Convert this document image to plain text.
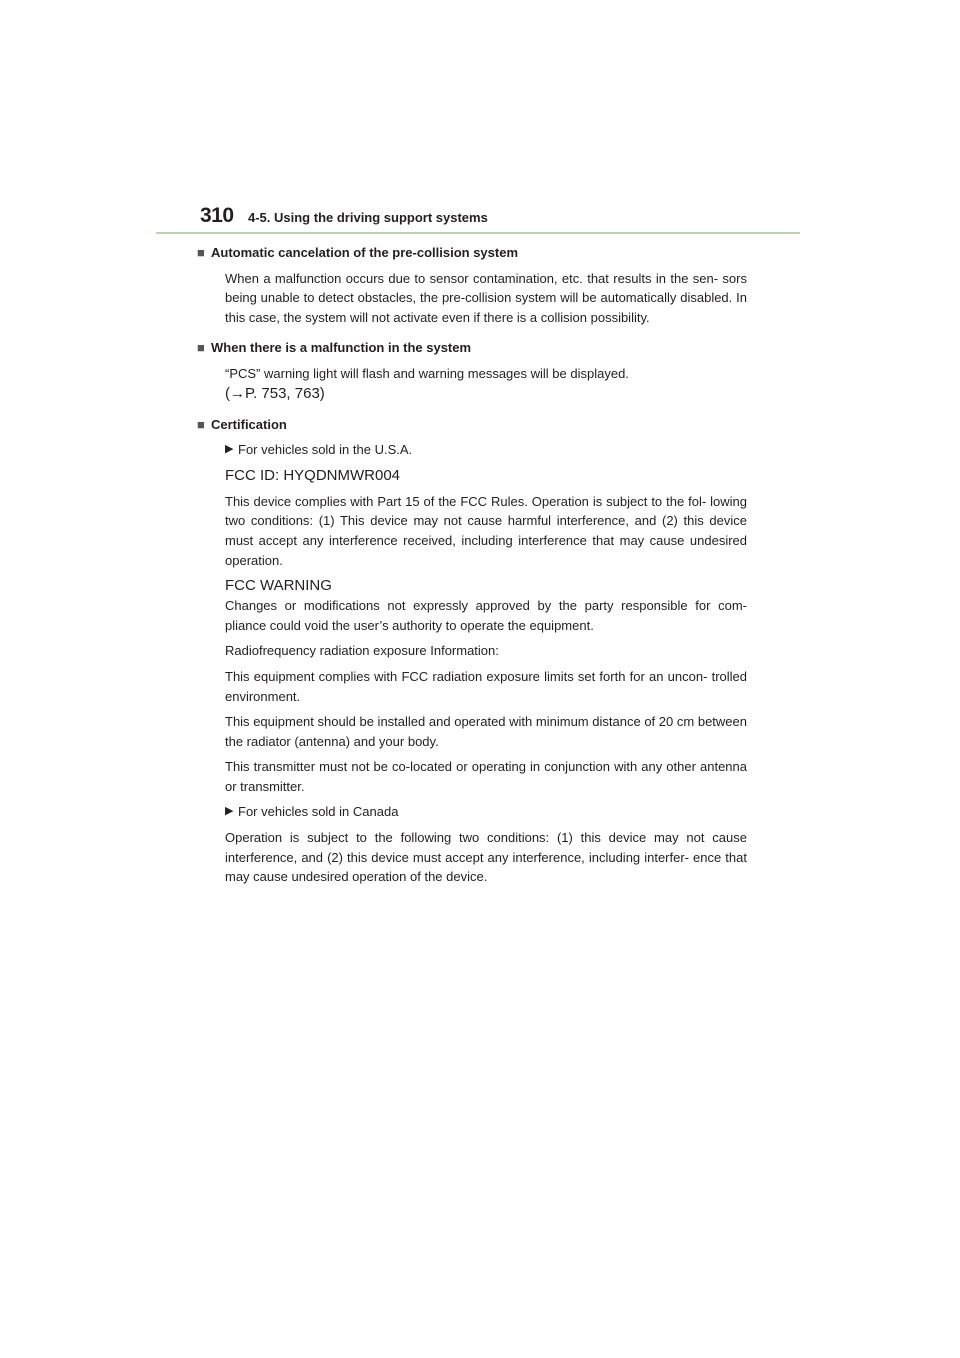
310 4-5. Using the driving support systems
■ Automatic cancelation of the pre-collision system

When a malfunction occurs due to sensor contamination, etc. that results in the sen- sors being unable to detect obstacles, the pre-collision system will be automatically disabled. In this case, the system will not activate even if there is a collision possibility.

■ When there is a malfunction in the system

“PCS” warning light will flash and warning messages will be displayed.

(→P. 753, 763)

■ Certification

▶ For vehicles sold in the U.S.A.

FCC ID: HYQDNMWR004

This device complies with Part 15 of the FCC Rules. Operation is subject to the fol- lowing two conditions: (1) This device may not cause harmful interference, and (2) this device must accept any interference received, including interference that may cause undesired operation.

FCC WARNING

Changes or modifications not expressly approved by the party responsible for com- pliance could void the user’s authority to operate the equipment.

Radiofrequency radiation exposure Information:

This equipment complies with FCC radiation exposure limits set forth for an uncon- trolled environment.

This equipment should be installed and operated with minimum distance of 20 cm between the radiator (antenna) and your body.

This transmitter must not be co-located or operating in conjunction with any other antenna or transmitter.

▶ For vehicles sold in Canada

Operation is subject to the following two conditions: (1) this device may not cause interference, and (2) this device must accept any interference, including interfer- ence that may cause undesired operation of the device.
